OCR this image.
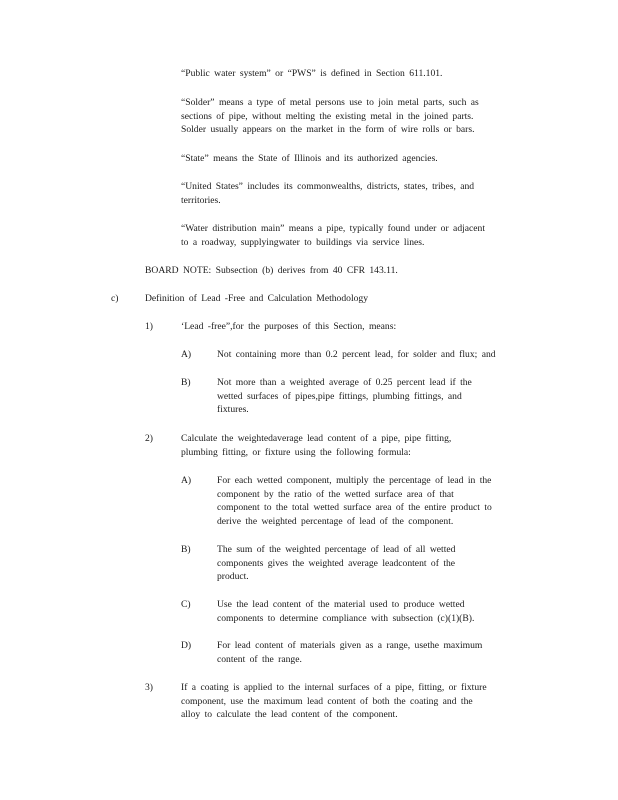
“Public water system” or “PWS” is defined in Section 611.101.
“Solder” means a type of metal persons use to join metal parts, such as
sections of pipe, without melting the existing metal in the joined parts.
Solder usually appears on the market in the form of wire rolls or bars.
“State” means the State of Illinois and its authorized agencies.
“United States” includes its commonwealths, districts, states, tribes, and
territories.
“Water distribution main” means a pipe, typically found under or adjacent
to a roadway, supplyingwater to buildings via service lines.
BOARD NOTE: Subsection (b) derives from 40 CFR 143.11.
c)	Definition of Lead -Free and Calculation Methodology
1)	‘Lead -free”,for the purposes of this Section, means:
A)	Not containing more than 0.2 percent lead, for solder and flux; and
B)	Not more than a weighted average of 0.25 percent lead if the
wetted surfaces of pipes,pipe fittings, plumbing fittings, and
fixtures.
2)	Calculate the weightedaverage lead content of a pipe, pipe fitting,
plumbing fitting, or fixture using the following formula:
A)	For each wetted component, multiply the percentage of lead in the
component by the ratio of the wetted surface area of that
component to the total wetted surface area of the entire product to
derive the weighted percentage of lead of the component.
B)	The sum of the weighted percentage of lead of all wetted
components gives the weighted average leadcontent of the
product.
C)	Use the lead content of the material used to produce wetted
components to determine compliance with subsection (c)(1)(B).
D)	For lead content of materials given as a range, usethe maximum
content of the range.
3)	If a coating is applied to the internal surfaces of a pipe, fitting, or fixture
component, use the maximum lead content of both the coating and the
alloy to calculate the lead content of the component.
